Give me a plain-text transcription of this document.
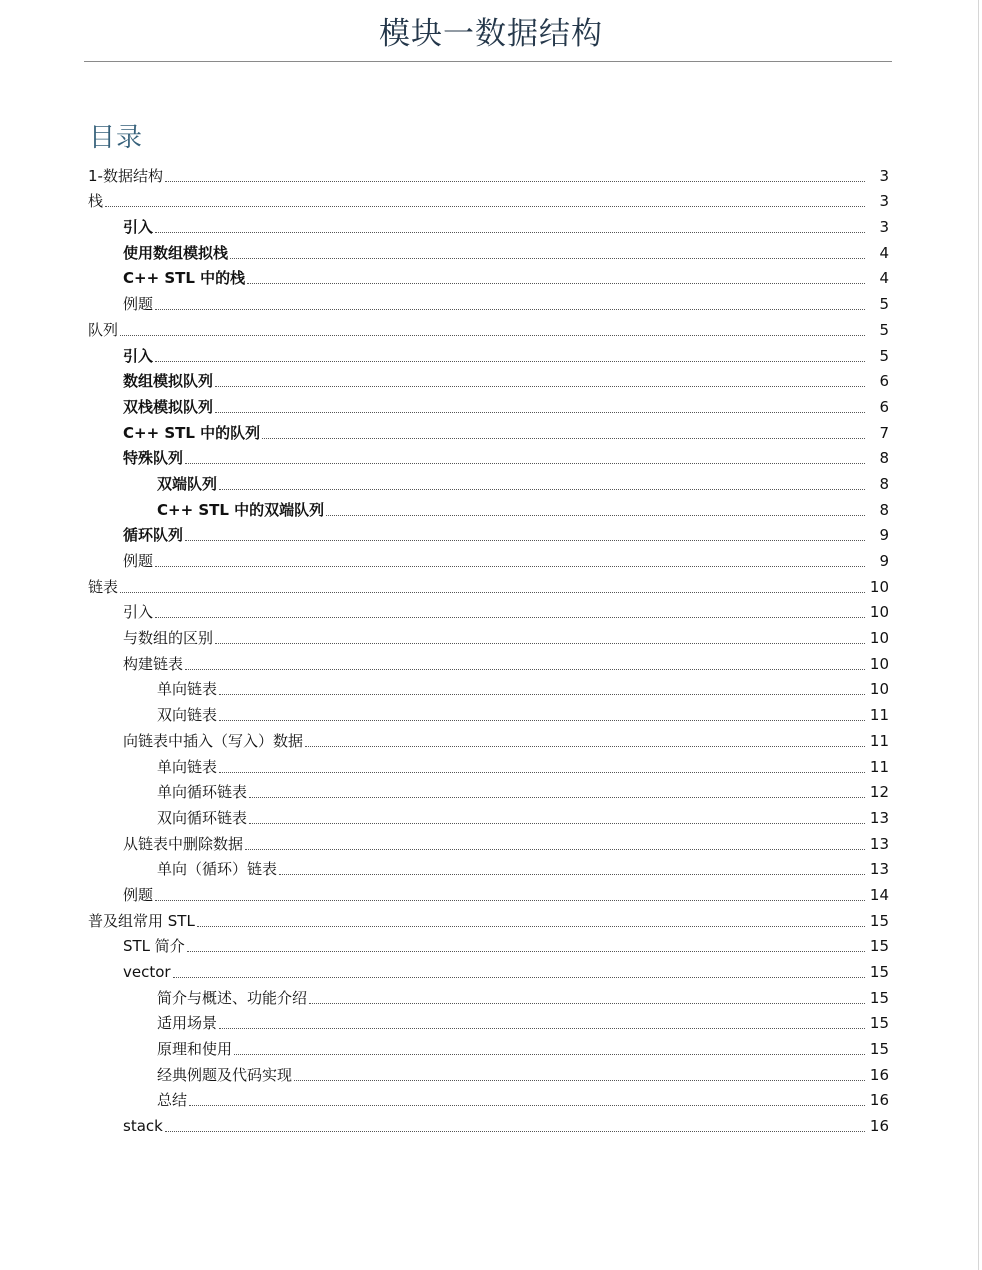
模块一数据结构
目录
1-数据结构	3
栈	3
引入	3
使用数组模拟栈	4
C++ STL 中的栈	4
例题	5
队列	5
引入	5
数组模拟队列	6
双栈模拟队列	6
C++ STL 中的队列	7
特殊队列	8
双端队列	8
C++ STL 中的双端队列	8
循环队列	9
例题	9
链表	10
引入	10
与数组的区别	10
构建链表	10
单向链表	10
双向链表	11
向链表中插入（写入）数据	11
单向链表	11
单向循环链表	12
双向循环链表	13
从链表中删除数据	13
单向（循环）链表	13
例题	14
普及组常用 STL	15
STL 简介	15
vector	15
简介与概述、功能介绍	15
适用场景	15
原理和使用	15
经典例题及代码实现	16
总结	16
stack	16
